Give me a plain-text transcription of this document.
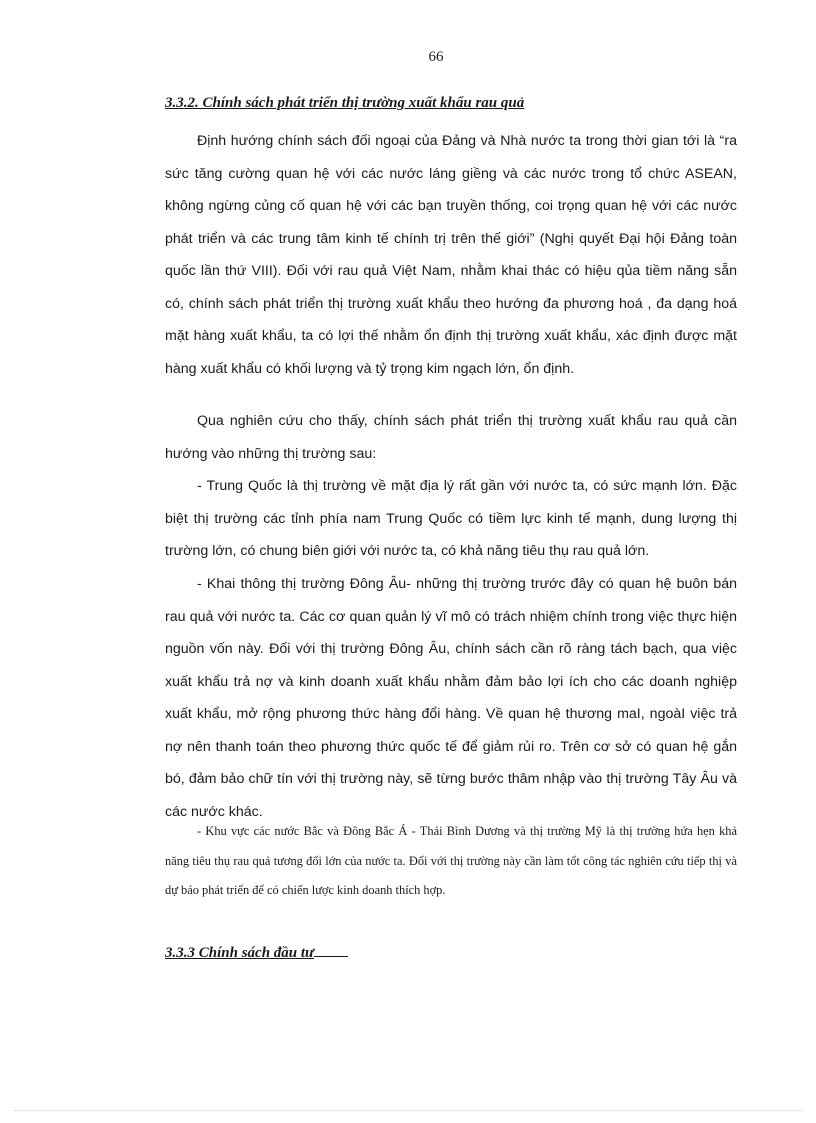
66
3.3.2. Chính sách phát triển thị trường xuất khẩu rau quả

Định hướng chính sách đối ngoại của Đảng và Nhà nước ta trong thời gian tới là “ra sức tăng cường quan hệ với các nước láng giềng và các nước trong tổ chức ASEAN, không ngừng củng cố quan hệ với các bạn truyền thống, coi trọng quan hệ với các nước phát triển và các trung tâm kinh tế chính trị trên thế giới” (Nghị quyết Đại hội Đảng toàn quốc lần thứ VIII). Đối với rau quả Việt Nam, nhằm khai thác có hiệu qủa tiềm năng sẵn có, chính sách phát triển thị trường xuất khẩu theo hướng đa phương hoá , đa dạng hoá mặt hàng xuất khẩu, ta có lợi thế nhằm ổn định thị trường xuất khẩu, xác định được mặt hàng xuất khẩu có khối lượng và tỷ trọng kim ngạch lớn, ổn định.

Qua nghiên cứu cho thấy, chính sách phát triển thị trường xuất khẩu rau quả cần hướng vào những thị trường sau:

- Trung Quốc là thị trường về mặt địa lý rất gần với nước ta, có sức mạnh lớn. Đặc biệt thị trường các tỉnh phía nam Trung Quốc có tiềm lực kinh tế mạnh, dung lượng thị trường lớn, có chung biên giới với nước ta, có khả năng tiêu thụ rau quả lớn.

- Khai thông thị trường Đông Âu- những thị trường trước đây có quan hệ buôn bán rau quả với nước ta. Các cơ quan quản lý vĩ mô có trách nhiệm chính trong việc thực hiện nguồn vốn này. Đối với thị trường Đông Âu, chính sách cần rõ ràng tách bạch, qua việc xuất khẩu trả nợ và kinh doanh xuất khẩu nhằm đảm bảo lợi ích cho các doanh nghiệp xuất khẩu, mở rộng phương thức hàng đổi hàng. Về quan hệ thương maI, ngoàI việc trả nợ nên thanh toán theo phương thức quốc tế để giảm rủi ro. Trên cơ sở có quan hệ gắn bó, đảm bảo chữ tín với thị trường này, sẽ từng bước thâm nhập vào thị trường Tây Âu và các nước khác.

- Khu vực các nước Bắc và Đông Bắc Á - Thái Bình Dương và thị trường Mỹ là thị trường hứa hẹn khả năng tiêu thụ rau quả tương đối lớn của nước ta. Đối với thị trường này cần làm tốt công tác nghiên cứu tiếp thị và dự báo phát triển để có chiến lược kinh doanh thích hợp.

3.3.3 Chính sách đầu tư
